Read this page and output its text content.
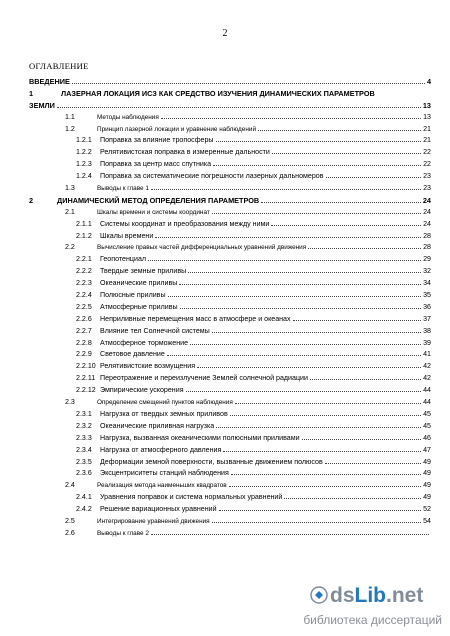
2
ОГЛАВЛЕНИЕ
ВВЕДЕНИЕ	4
1	ЛАЗЕРНАЯ ЛОКАЦИЯ ИСЗ КАК СРЕДСТВО ИЗУЧЕНИЯ ДИНАМИЧЕСКИХ ПАРАМЕТРОВ
ЗЕМЛИ	13
1.1	Методы наблюдения	13
1.2	Принцип лазерной локации и уравнение наблюдений	21
1.2.1	Поправка за влияние тропосферы	21
1.2.2	Релятивистская поправка в измеренные дальности	22
1.2.3	Поправка за центр масс спутника	22
1.2.4	Поправка за систематические погрешности лазерных дальномеров	23
1.3	Выводы к главе 1	23
2	ДИНАМИЧЕСКИЙ МЕТОД ОПРЕДЕЛЕНИЯ ПАРАМЕТРОВ	24
2.1	Шкалы времени и системы координат	24
2.1.1	Системы координат и преобразования между ними	24
2.1.2	Шкалы времени	28
2.2	Вычисление правых частей дифференциальных уравнений движения	28
2.2.1	Геопотенциал	29
2.2.2	Твердые земные приливы	32
2.2.3	Океанические приливы	34
2.2.4	Полюсные приливы	35
2.2.5	Атмосферные приливы	36
2.2.6	Неприливные перемещения масс в атмосфере и океанах	37
2.2.7	Влияние тел Солнечной системы	38
2.2.8	Атмосферное торможение	39
2.2.9	Световое давление	41
2.2.10 Релятивистские возмущения	42
2.2.11 Переотражение и переизлучение Землей солнечной радиации	42
2.2.12 Эмпирические ускорения	44
2.3	Определение смещений пунктов наблюдения	44
2.3.1	Нагрузка от твердых земных приливов	45
2.3.2	Океанические приливная нагрузка	45
2.3.3	Нагрузка, вызванная океаническими полюсными приливами	46
2.3.4	Нагрузка от атмосферного давления	47
2.3.5	Деформации земной поверхности, вызванные движением полюсов	49
2.3.6	Эксцентриситеты станций наблюдения	49
2.4	Реализация метода наименьших квадратов	49
2.4.1	Уравнения поправок и система нормальных уравнений	49
2.4.2	Решение вариационных уравнений	52
2.5	Интегрирование уравнений движения	54
2.6	Выводы к главе 2
dsLib.net
библиотека диссертаций
